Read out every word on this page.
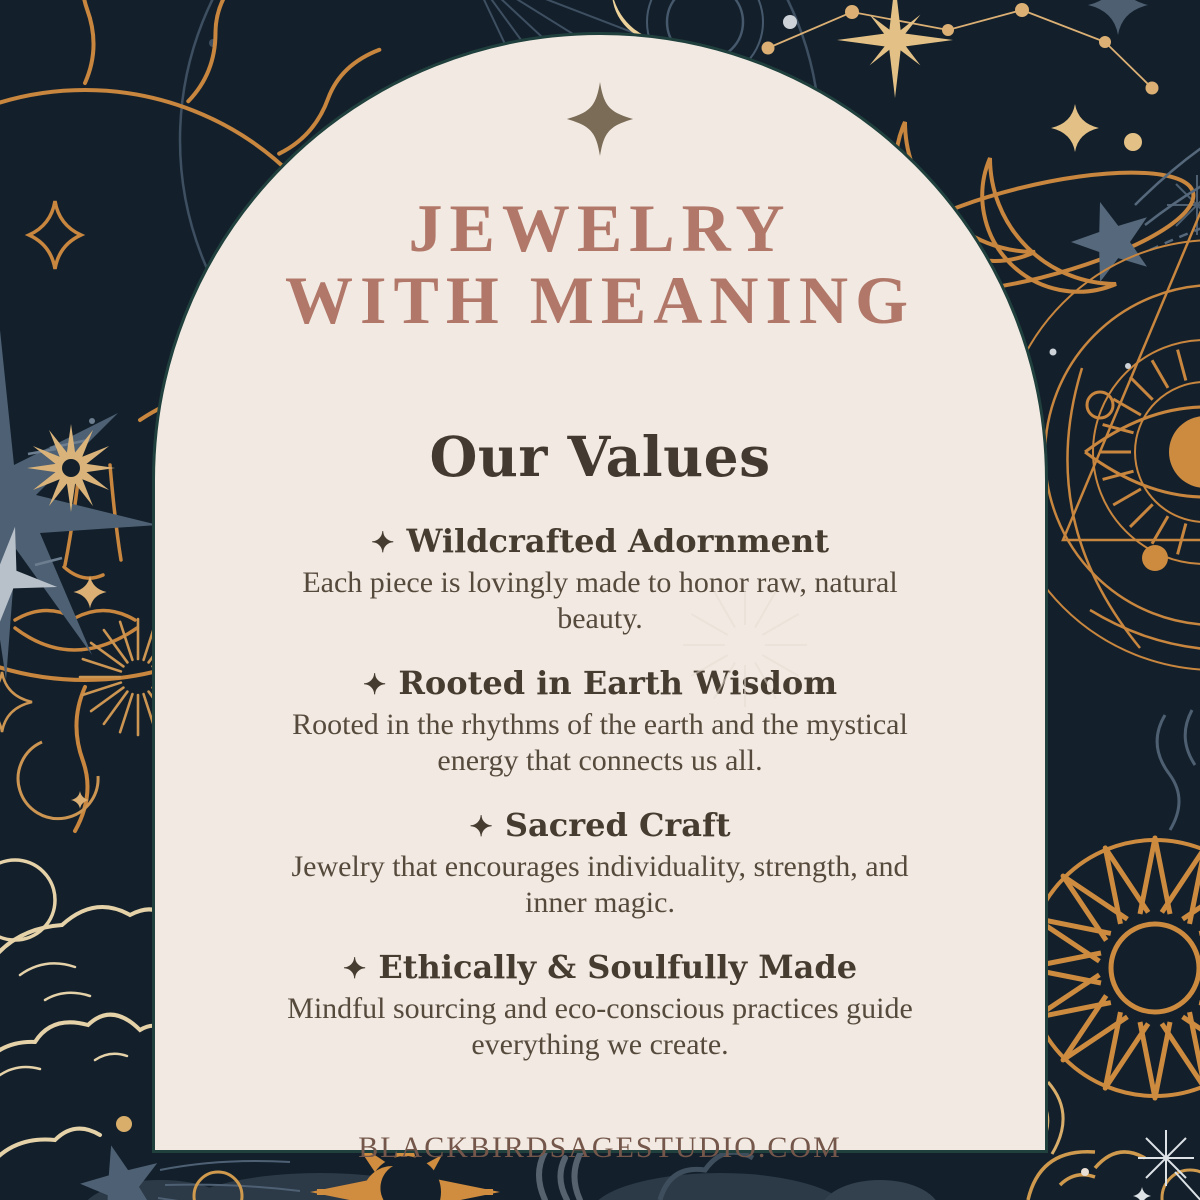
JEWELRY
WITH MEANING
Our Values
✦ Wildcrafted Adornment
Each piece is lovingly made to honor raw, natural beauty.
✦ Rooted in Earth Wisdom
Rooted in the rhythms of the earth and the mystical energy that connects us all.
✦ Sacred Craft
Jewelry that encourages individuality, strength, and inner magic.
✦ Ethically & Soulfully Made
Mindful sourcing and eco-conscious practices guide everything we create.
BLACKBIRDSAGESTUDIO.COM
